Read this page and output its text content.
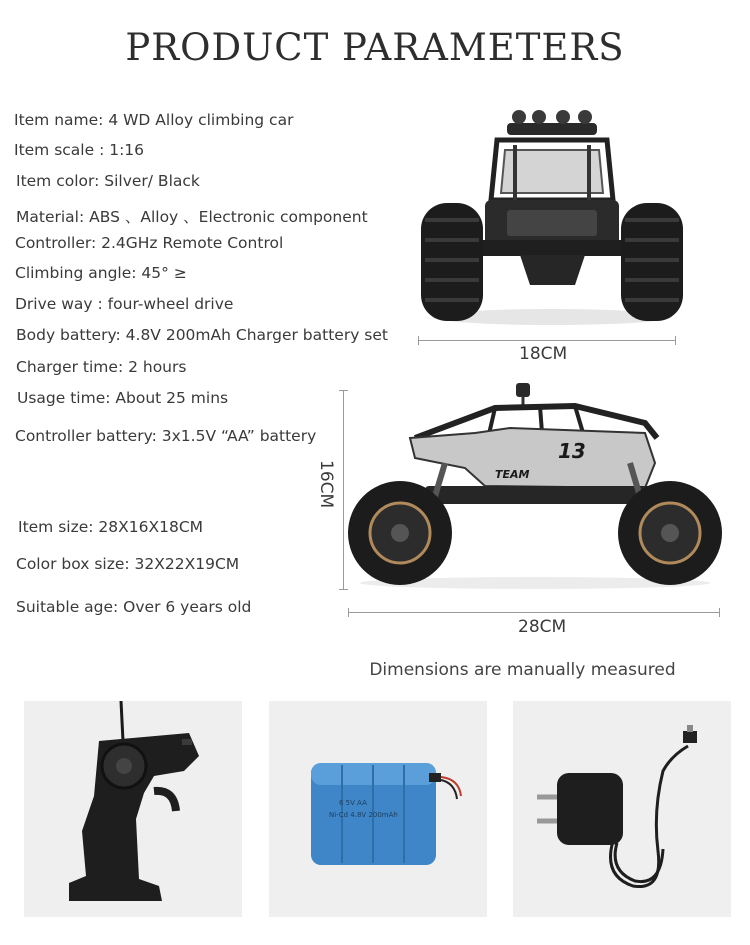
PRODUCT PARAMETERS
Item name: 4 WD Alloy climbing car
Item scale : 1:16
Item color: Silver/ Black
Material: ABS 、Alloy 、Electronic component
Controller: 2.4GHz Remote Control
Climbing angle: 45° ≥
Drive way : four-wheel drive
Body battery: 4.8V 200mAh Charger battery set
Charger time: 2 hours
Usage time: About 25 mins
Controller battery: 3x1.5V “AA” battery
Item size: 28X16X18CM
Color box size: 32X22X19CM
Suitable age: Over 6 years old
18CM
13
TEAM
16CM
28CM
Dimensions are manually measured
6 5V AA
Ni-Cd 4.8V 200mAh
